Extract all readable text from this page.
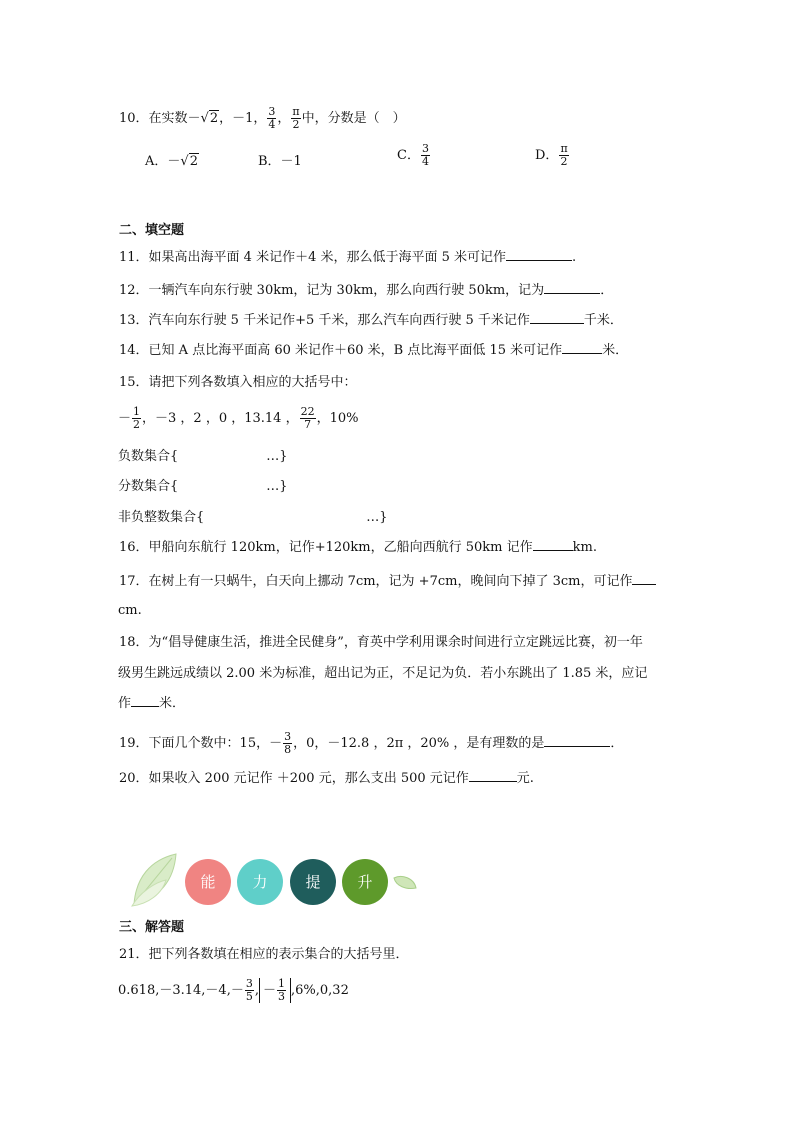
10．在实数－√2，－1， $\frac{3}{4}$ ， $\frac{\pi}{2}$ 中，分数是（　）
A．－√2	B．－1	C． $\frac{3}{4}$	D． $\frac{\pi}{2}$
二、填空题
11．如果高出海平面 4 米记作＋4 米，那么低于海平面 5 米可记作	.
12．一辆汽车向东行驶 30km，记为 30km，那么向西行驶 50km，记为	．
13．汽车向东行驶 5 千米记作+5 千米，那么汽车向西行驶 5 千米记作	千米．
14．已知 A 点比海平面高 60 米记作＋60 米，B 点比海平面低 15 米可记作	米．
15．请把下列各数填入相应的大括号中：
－ $\frac{1}{2}$ ，－3 ，2 ，0 ，13.14 ， $\frac{22}{7}$ ，10%
负数集合{	…}
分数集合{	…}
非负整数集合{	…}
16．甲船向东航行 120km，记作+120km，乙船向西航行 50km 记作	km.
17．在树上有一只蜗牛，白天向上挪动 7cm，记为 +7cm，晚间向下掉了 3cm，可记作
cm.
18．为“倡导健康生活，推进全民健身”，育英中学利用课余时间进行立定跳远比赛，初一年
级男生跳远成绩以 2.00 米为标准，超出记为正，不足记为负．若小东跳出了 1.85 米，应记
作 米．
19．下面几个数中：15，－ $\frac{3}{8}$ ，0，－12.8 ，2π ，20% ，是有理数的是	．
20．如果收入 200 元记作 ＋200 元，那么支出 500 元记作	元.
能	力	提	升
三、解答题
21．把下列各数填在相应的表示集合的大括号里．
$0.618,-3.14,-4,- \frac{3}{5}$ , － $\frac{1}{3} ,6\%,0,32$
